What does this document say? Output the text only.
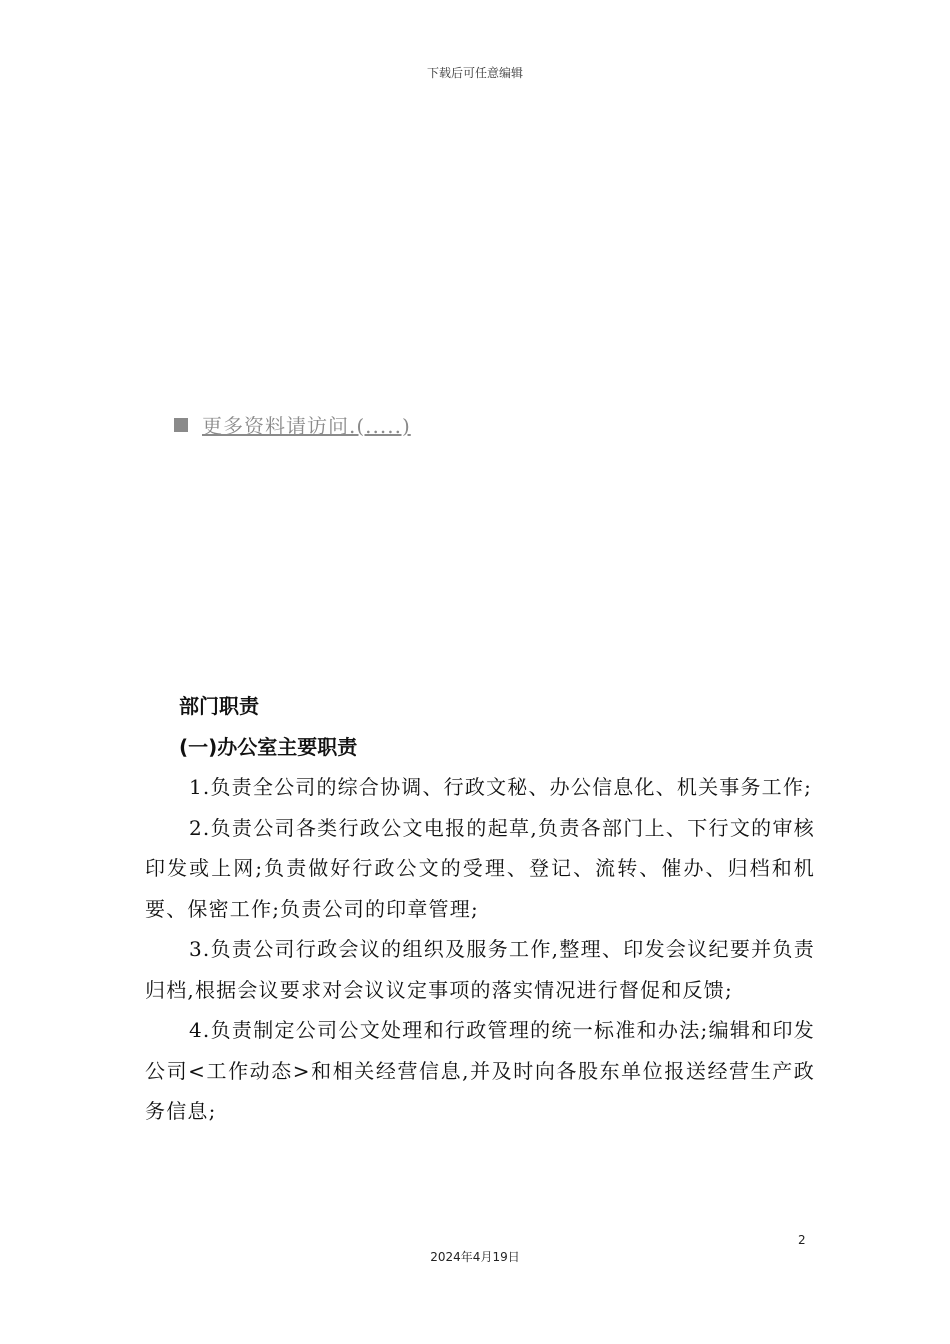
下载后可任意编辑
更多资料请访问.(.....)
部门职责
(一)办公室主要职责
1.负责全公司的综合协调、行政文秘、办公信息化、机关事务工作;
2.负责公司各类行政公文电报的起草,负责各部门上、下行文的审核印发或上网;负责做好行政公文的受理、登记、流转、催办、归档和机要、保密工作;负责公司的印章管理;
3.负责公司行政会议的组织及服务工作,整理、印发会议纪要并负责归档,根据会议要求对会议议定事项的落实情况进行督促和反馈;
4.负责制定公司公文处理和行政管理的统一标准和办法;编辑和印发公司<工作动态>和相关经营信息,并及时向各股东单位报送经营生产政务信息;
2
2024年4月19日
